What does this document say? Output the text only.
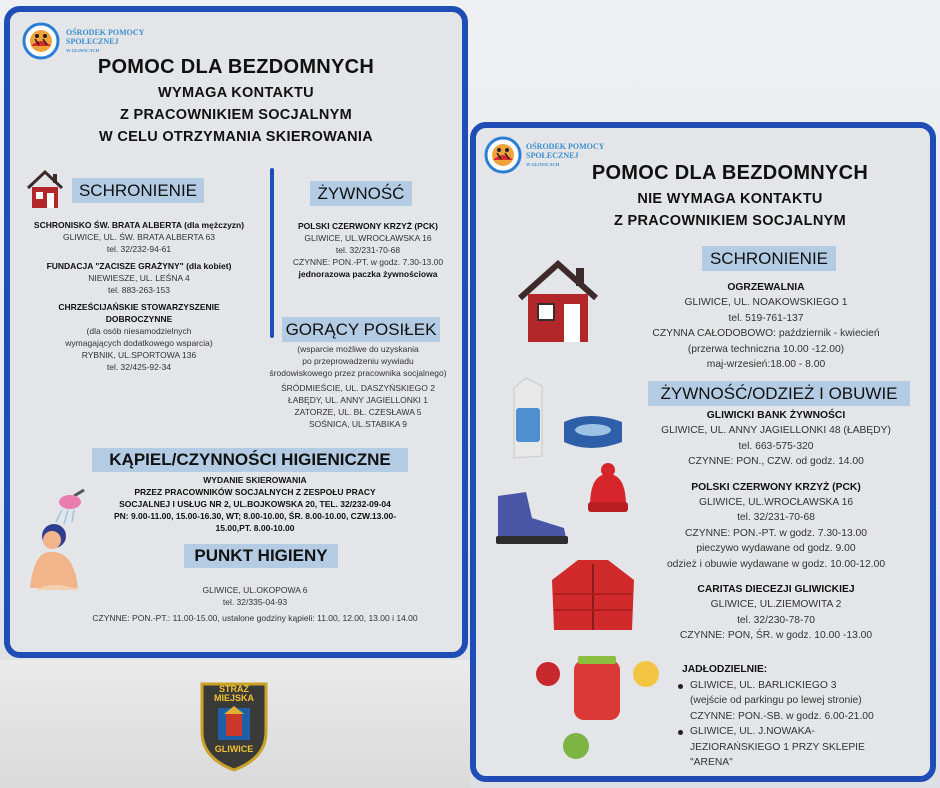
OŚRODEK POMOCY
SPOŁECZNEJ
W GLIWICACH
POMOC DLA BEZDOMNYCH
WYMAGA KONTAKTU
Z PRACOWNIKIEM SOCJALNYM
W CELU OTRZYMANIA SKIEROWANIA
SCHRONIENIE
SCHRONISKO ŚW. BRATA ALBERTA (dla mężczyzn)
GLIWICE, UL. ŚW. BRATA ALBERTA 63
tel. 32/232-94-61
FUNDACJA "ZACISZE GRAŻYNY" (dla kobiet)
NIEWIESZE, UL. LEŚNA 4
tel. 883-263-153
CHRZEŚCIJAŃSKIE STOWARZYSZENIE
DOBROCZYNNE
(dla osób niesamodzielnych
wymagających dodatkowego wsparcia)
RYBNIK, UL.SPORTOWA 136
tel. 32/425-92-34
ŻYWNOŚĆ
POLSKI CZERWONY KRZYŻ (PCK)
GLIWICE, UL.WROCŁAWSKA 16
tel. 32/231-70-68
CZYNNE: PON.-PT. w godz. 7.30-13.00
jednorazowa paczka żywnościowa
GORĄCY POSIŁEK
(wsparcie możliwe do uzyskania
po przeprowadzeniu wywiadu
środowiskowego przez pracownika socjalnego)
ŚRÓDMIEŚCIE, UL. DASZYŃSKIEGO 2
ŁABĘDY, UL. ANNY JAGIELLONKI 1
ZATORZE, UL. BŁ. CZESŁAWA 5
SOŚNICA, UL.STABIKA 9
KĄPIEL/CZYNNOŚCI HIGIENICZNE
WYDANIE SKIEROWANIA
PRZEZ PRACOWNIKÓW SOCJALNYCH Z ZESPOŁU PRACY
SOCJALNEJ I USŁUG NR 2, UL.BOJKOWSKA 20, TEL. 32/232-09-04
PN: 9.00-11.00, 15.00-16.30, WT; 8.00-10.00, ŚR. 8.00-10.00, CZW.13.00-
15.00,PT. 8.00-10.00
PUNKT HIGIENY
GLIWICE, UL.OKOPOWA 6
tel. 32/335-04-93
CZYNNE: PON.-PT.: 11.00-15.00, ustalone godziny kąpieli: 11.00, 12.00, 13.00 i 14.00
STRAŻ
MIEJSKA
GLIWICE
OŚRODEK POMOCY
SPOŁECZNEJ
W GLIWICACH	POMOC DLA BEZDOMNYCH
NIE WYMAGA KONTAKTU
Z PRACOWNIKIEM SOCJALNYM
SCHRONIENIE
OGRZEWALNIA
GLIWICE, UL. NOAKOWSKIEGO 1
tel. 519-761-137
CZYNNA CAŁODOBOWO: październik - kwiecień
(przerwa techniczna 10.00 -12.00)
maj-wrzesień:18.00 - 8.00
ŻYWNOŚĆ/ODZIEŻ I OBUWIE
GLIWICKI BANK ŻYWNOŚCI
GLIWICE, UL. ANNY JAGIELLONKI 48 (ŁABĘDY)
tel. 663-575-320
CZYNNE: PON., CZW. od godz. 14.00
POLSKI CZERWONY KRZYŻ (PCK)
GLIWICE, UL.WROCŁAWSKA 16
tel. 32/231-70-68
CZYNNE: PON.-PT. w godz. 7.30-13.00
pieczywo wydawane od godz. 9.00
odzież i obuwie wydawane w godz. 10.00-12.00
CARITAS DIECEZJI GLIWICKIEJ
GLIWICE, UL.ZIEMOWITA 2
tel. 32/230-78-70
CZYNNE: PON, ŚR. w godz. 10.00 -13.00
JADŁODZIELNIE:
GLIWICE, UL. BARLICKIEGO 3
(wejście od parkingu po lewej stronie)
CZYNNE: PON.-SB. w godz. 6.00-21.00
GLIWICE, UL. J.NOWAKA-
JEZIORAŃSKIEGO 1 PRZY SKLEPIE
"ARENA"
